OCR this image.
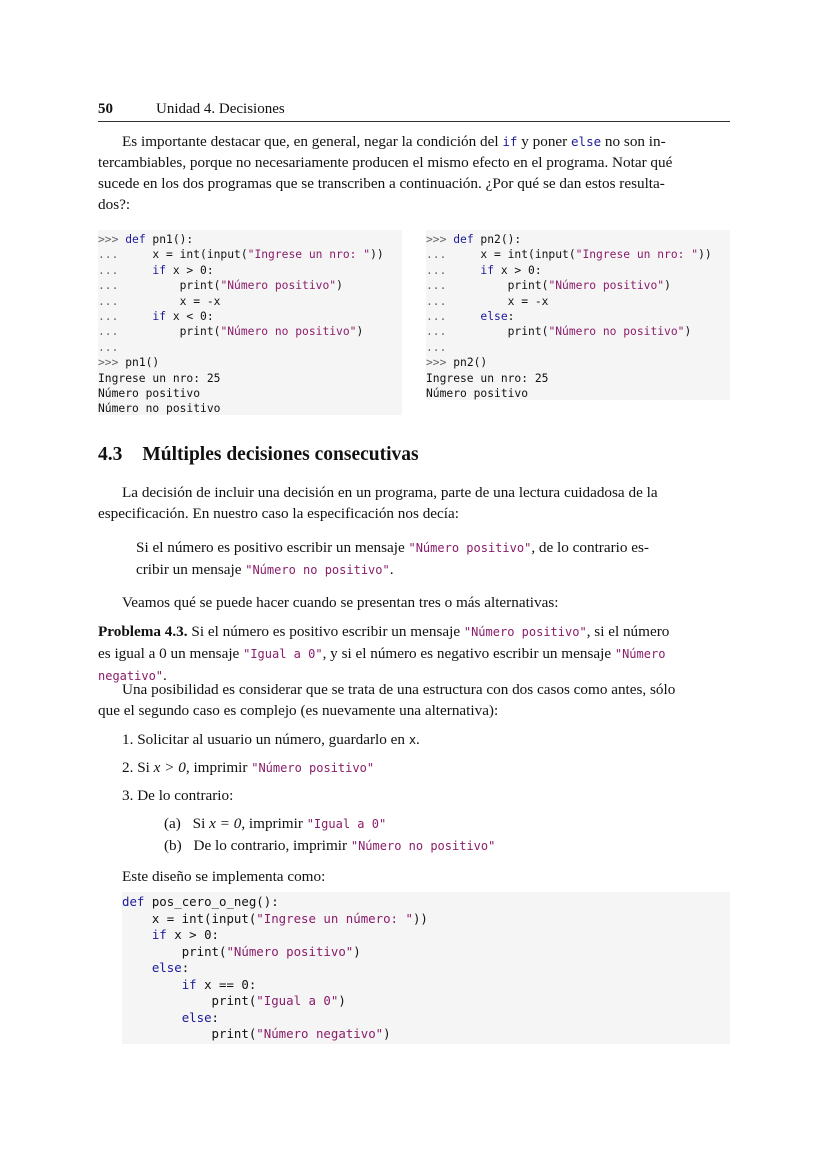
50	Unidad 4. Decisiones
Es importante destacar que, en general, negar la condición del if y poner else no son in-
tercambiables, porque no necesariamente producen el mismo efecto en el programa. Notar qué
sucede en los dos programas que se transcriben a continuación. ¿Por qué se dan estos resulta-
dos?:
>>> def pn1():
...	x = int(input("Ingrese un nro: "))
...	if x > 0:
...	print("Número positivo")
...	x = -x
...	if x < 0:
...	print("Número no positivo")
...
>>> pn1()
Ingrese un nro: 25
Número positivo
Número no positivo
>>> def pn2():
...	x = int(input("Ingrese un nro: "))
...	if x > 0:
...	print("Número positivo")
...	x = -x
...	else:
...	print("Número no positivo")
...
>>> pn2()
Ingrese un nro: 25
Número positivo
4.3 Múltiples decisiones consecutivas
La decisión de incluir una decisión en un programa, parte de una lectura cuidadosa de la
especificación. En nuestro caso la especificación nos decía:
Si el número es positivo escribir un mensaje "Número positivo", de lo contrario es-
cribir un mensaje "Número no positivo".
Veamos qué se puede hacer cuando se presentan tres o más alternativas:
Problema 4.3. Si el número es positivo escribir un mensaje "Número positivo", si el número
es igual a 0 un mensaje "Igual a 0", y si el número es negativo escribir un mensaje "Número
negativo".
Una posibilidad es considerar que se trata de una estructura con dos casos como antes, sólo
que el segundo caso es complejo (es nuevamente una alternativa):
1. Solicitar al usuario un número, guardarlo en x.
2. Si x > 0, imprimir "Número positivo"
3. De lo contrario:
(a) Si x = 0, imprimir "Igual a 0"
(b) De lo contrario, imprimir "Número no positivo"
Este diseño se implementa como:
def pos_cero_o_neg():
x = int(input("Ingrese un número: "))
if x > 0:
print("Número positivo")
else:
if x == 0:
print("Igual a 0")
else:
print("Número negativo")
